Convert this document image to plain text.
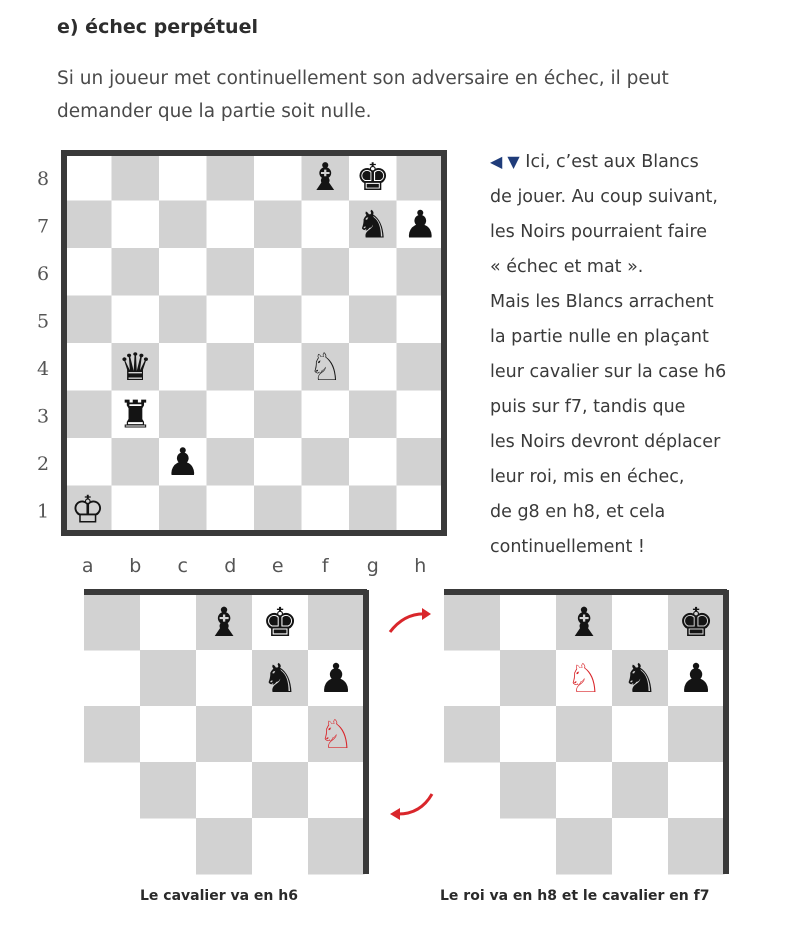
e) échec perpétuel
Si un joueur met continuellement son adversaire en échec, il peut demander que la partie soit nulle.
◀ ▼ Ici, c’est aux Blancs
de jouer. Au coup suivant,
les Noirs pourraient faire
« échec et mat ».
Mais les Blancs arrachent
la partie nulle en plaçant
leur cavalier sur la case h6
puis sur f7, tandis que
les Noirs devront déplacer
leur roi, mis en échec,
de g8 en h8, et cela
continuellement !
8
7
6
5
4
3
2
1
a b c d e f g h
♝ ♚
♞ ♟
♛	♘
♜
♟
♔
♝ ♚
♞ ♟
♘
♝ ♚
♘ ♞ ♟
Le cavalier va en h6	Le roi va en h8 et le cavalier en f7
